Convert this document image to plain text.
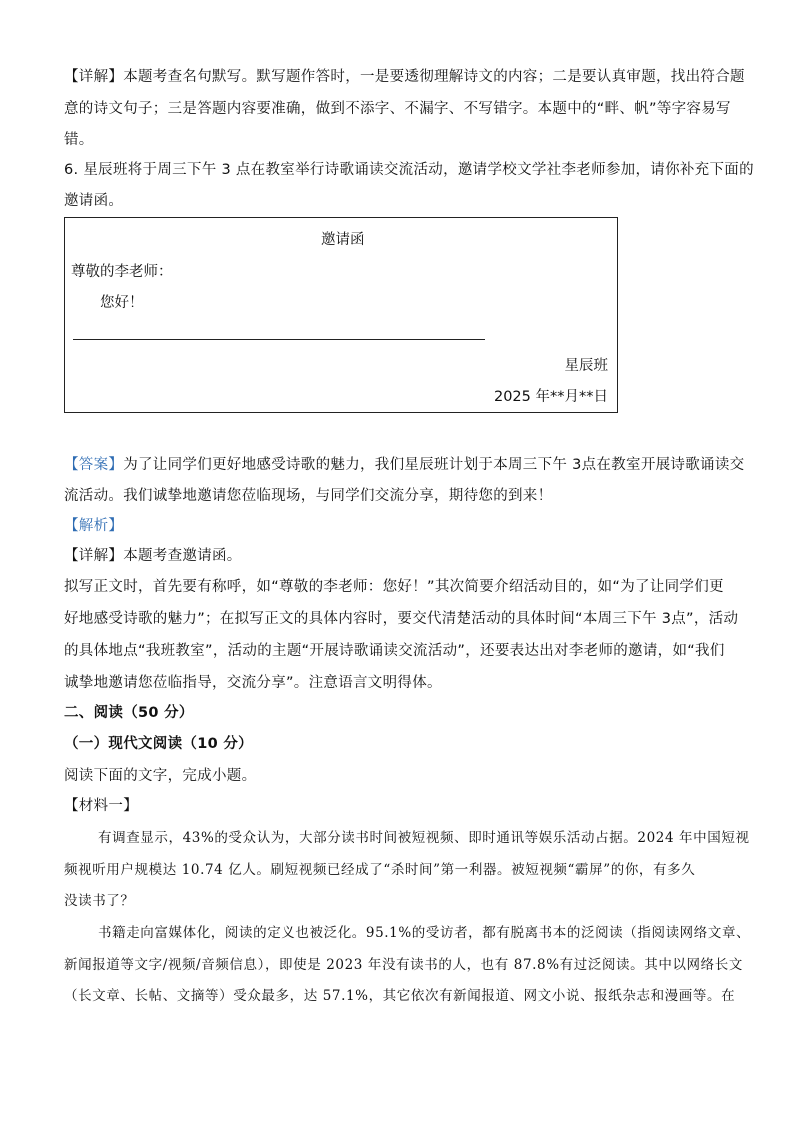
【详解】本题考查名句默写。默写题作答时，一是要透彻理解诗文的内容；二是要认真审题，找出符合题
意的诗文句子；三是答题内容要准确，做到不添字、不漏字、不写错字。本题中的“畔、帆”等字容易写
错。
6. 星辰班将于周三下午 3 点在教室举行诗歌诵读交流活动，邀请学校文学社李老师参加，请你补充下面的
邀请函。
邀请函
尊敬的李老师：
您好！
星辰班
2025 年**月**日
【答案】为了让同学们更好地感受诗歌的魅力，我们星辰班计划于本周三下午 3点在教室开展诗歌诵读交
流活动。我们诚挚地邀请您莅临现场，与同学们交流分享，期待您的到来！
【解析】
【详解】本题考查邀请函。
拟写正文时，首先要有称呼，如“尊敬的李老师：您好！”其次简要介绍活动目的，如“为了让同学们更
好地感受诗歌的魅力”；在拟写正文的具体内容时，要交代清楚活动的具体时间“本周三下午 3点”，活动
的具体地点“我班教室”，活动的主题“开展诗歌诵读交流活动”，还要表达出对李老师的邀请，如“我们
诚挚地邀请您莅临指导，交流分享”。注意语言文明得体。
二、阅读（50 分）
（一）现代文阅读（10 分）
阅读下面的文字，完成小题。
【材料一】
有调查显示，43%的受众认为，大部分读书时间被短视频、即时通讯等娱乐活动占据。2024 年中国短视
频视听用户规模达 10.74 亿人。刷短视频已经成了“杀时间”第一利器。被短视频“霸屏”的你，有多久
没读书了？
书籍走向富媒体化，阅读的定义也被泛化。95.1%的受访者，都有脱离书本的泛阅读（指阅读网络文章、
新闻报道等文字/视频/音频信息），即使是 2023 年没有读书的人，也有 87.8%有过泛阅读。其中以网络长文
（长文章、长帖、文摘等）受众最多，达 57.1%，其它依次有新闻报道、网文小说、报纸杂志和漫画等。在
